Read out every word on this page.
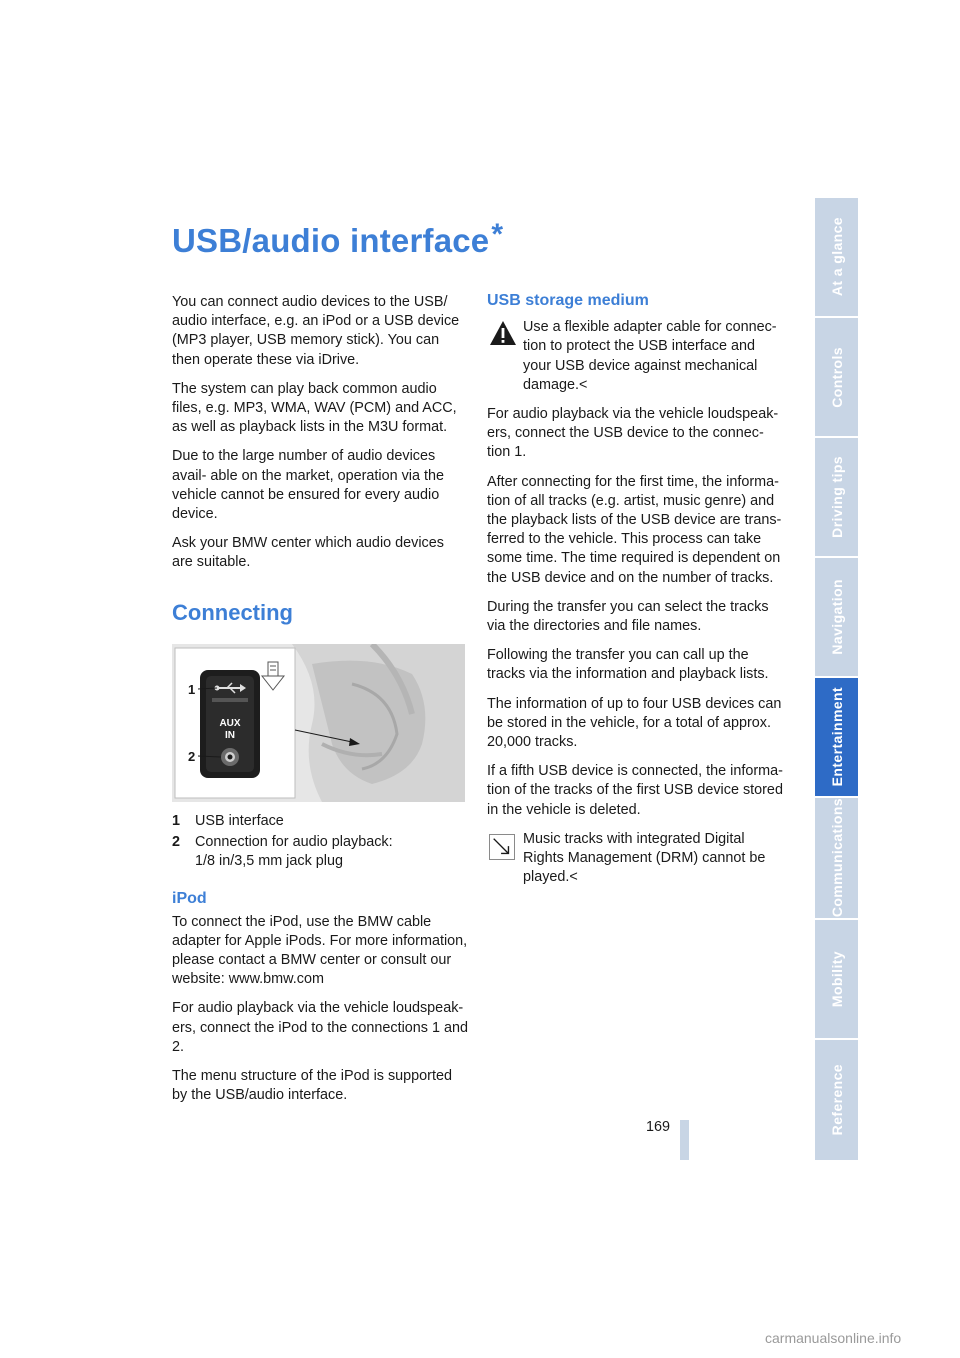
USB/audio interface*

You can connect audio devices to the USB/ audio interface, e.g. an iPod or a USB device (MP3 player, USB memory stick). You can then operate these via iDrive.

The system can play back common audio files, e.g. MP3, WMA, WAV (PCM) and ACC, as well as playback lists in the M3U format.

Due to the large number of audio devices avail- able on the market, operation via the vehicle cannot be ensured for every audio device.

Ask your BMW center which audio devices are suitable.

Connecting
AUX
IN
1
2
1	USB interface
2	Connection for audio playback:
1/8 in/3,5 mm jack plug
iPod

To connect the iPod, use the BMW cable adapter for Apple iPods. For more information, please contact a BMW center or consult our website: www.bmw.com

For audio playback via the vehicle loudspeak- ers, connect the iPod to the connections 1 and 2.

The menu structure of the iPod is supported by the USB/audio interface.

USB storage medium

Use a flexible adapter cable for connec- tion to protect the USB interface and your USB device against mechanical damage.<

For audio playback via the vehicle loudspeak- ers, connect the USB device to the connec- tion 1.

After connecting for the first time, the informa- tion of all tracks (e.g. artist, music genre) and the playback lists of the USB device are trans- ferred to the vehicle. This process can take some time. The time required is dependent on the USB device and on the number of tracks.

During the transfer you can select the tracks via the directories and file names.

Following the transfer you can call up the tracks via the information and playback lists.

The information of up to four USB devices can be stored in the vehicle, for a total of approx. 20,000 tracks.

If a fifth USB device is connected, the informa- tion of the tracks of the first USB device stored in the vehicle is deleted.

Music tracks with integrated Digital Rights Management (DRM) cannot be played.<

169
At a glance
Controls
Driving tips
Navigation
Entertainment
Communications
Mobility
Reference
carmanualsonline.info
